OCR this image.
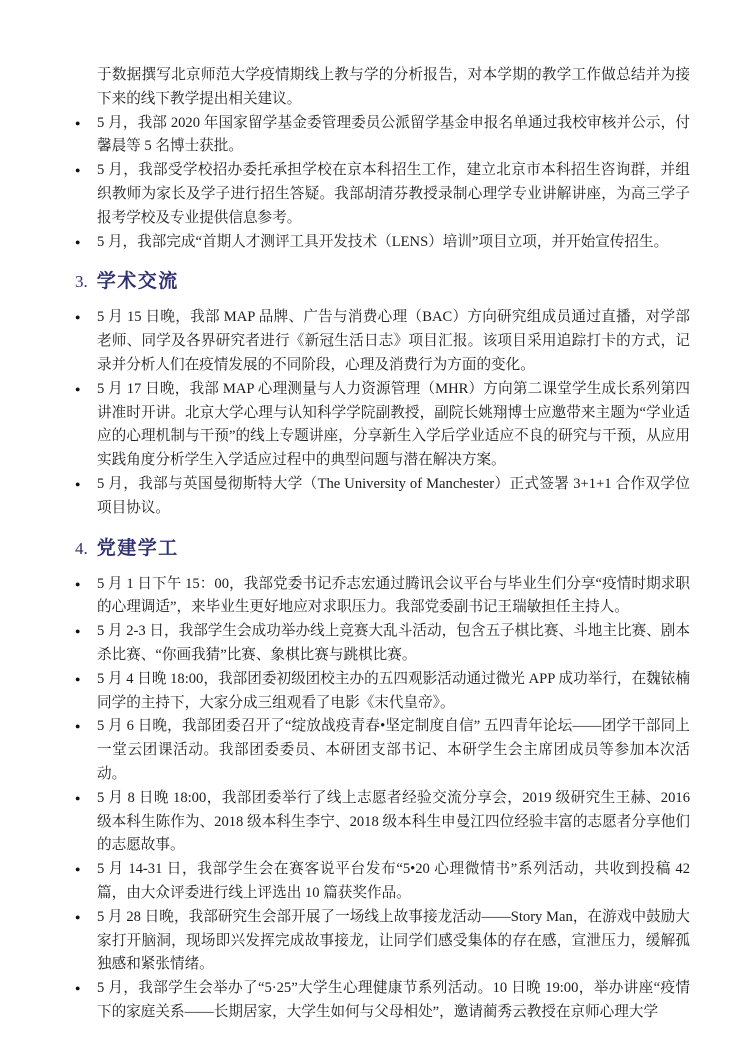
于数据撰写北京师范大学疫情期线上教与学的分析报告，对本学期的教学工作做总结并为接下来的线下教学提出相关建议。

●	5 月，我部 2020 年国家留学基金委管理委员公派留学基金申报名单通过我校审核并公示，付馨晨等 5 名博士获批。

●	5 月，我部受学校招办委托承担学校在京本科招生工作，建立北京市本科招生咨询群，并组织教师为家长及学子进行招生答疑。我部胡清芬教授录制心理学专业讲解讲座，为高三学子报考学校及专业提供信息参考。

●	5 月，我部完成“首期人才测评工具开发技术（LENS）培训”项目立项，并开始宣传招生。

3. 学术交流
●	5 月 15 日晚，我部 MAP 品牌、广告与消费心理（BAC）方向研究组成员通过直播，对学部老师、同学及各界研究者进行《新冠生活日志》项目汇报。该项目采用追踪打卡的方式，记录并分析人们在疫情发展的不同阶段，心理及消费行为方面的变化。

●	5 月 17 日晚，我部 MAP 心理测量与人力资源管理（MHR）方向第二课堂学生成长系列第四讲准时开讲。北京大学心理与认知科学学院副教授，副院长姚翔博士应邀带来主题为“学业适应的心理机制与干预”的线上专题讲座，分享新生入学后学业适应不良的研究与干预，从应用实践角度分析学生入学适应过程中的典型问题与潜在解决方案。

●	5 月，我部与英国曼彻斯特大学（The University of Manchester）正式签署 3+1+1 合作双学位项目协议。

4. 党建学工
●	5 月 1 日下午 15：00，我部党委书记乔志宏通过腾讯会议平台与毕业生们分享“疫情时期求职的心理调适”，来毕业生更好地应对求职压力。我部党委副书记王瑞敏担任主持人。

●	5 月 2-3 日，我部学生会成功举办线上竞赛大乱斗活动，包含五子棋比赛、斗地主比赛、剧本杀比赛、“你画我猜”比赛、象棋比赛与跳棋比赛。

●	5 月 4 日晚 18:00，我部团委初级团校主办的五四观影活动通过微光 APP 成功举行，在魏铱楠同学的主持下，大家分成三组观看了电影《末代皇帝》。

●	5 月 6 日晚，我部团委召开了“绽放战疫青春•坚定制度自信” 五四青年论坛——团学干部同上一堂云团课活动。我部团委委员、本研团支部书记、本研学生会主席团成员等参加本次活动。

●	5 月 8 日晚 18:00，我部团委举行了线上志愿者经验交流分享会，2019 级研究生王赫、2016 级本科生陈作为、2018 级本科生李宁、2018 级本科生申曼江四位经验丰富的志愿者分享他们的志愿故事。

●	5 月 14-31 日，我部学生会在赛客说平台发布“5•20 心理微情书”系列活动，共收到投稿 42 篇，由大众评委进行线上评选出 10 篇获奖作品。

●	5 月 28 日晚，我部研究生会部开展了一场线上故事接龙活动——Story Man，在游戏中鼓励大家打开脑洞，现场即兴发挥完成故事接龙，让同学们感受集体的存在感，宣泄压力，缓解孤独感和紧张情绪。

●	5 月，我部学生会举办了“5·25”大学生心理健康节系列活动。10 日晚 19:00，举办讲座“疫情下的家庭关系——长期居家，大学生如何与父母相处”，邀请蔺秀云教授在京师心理大学
